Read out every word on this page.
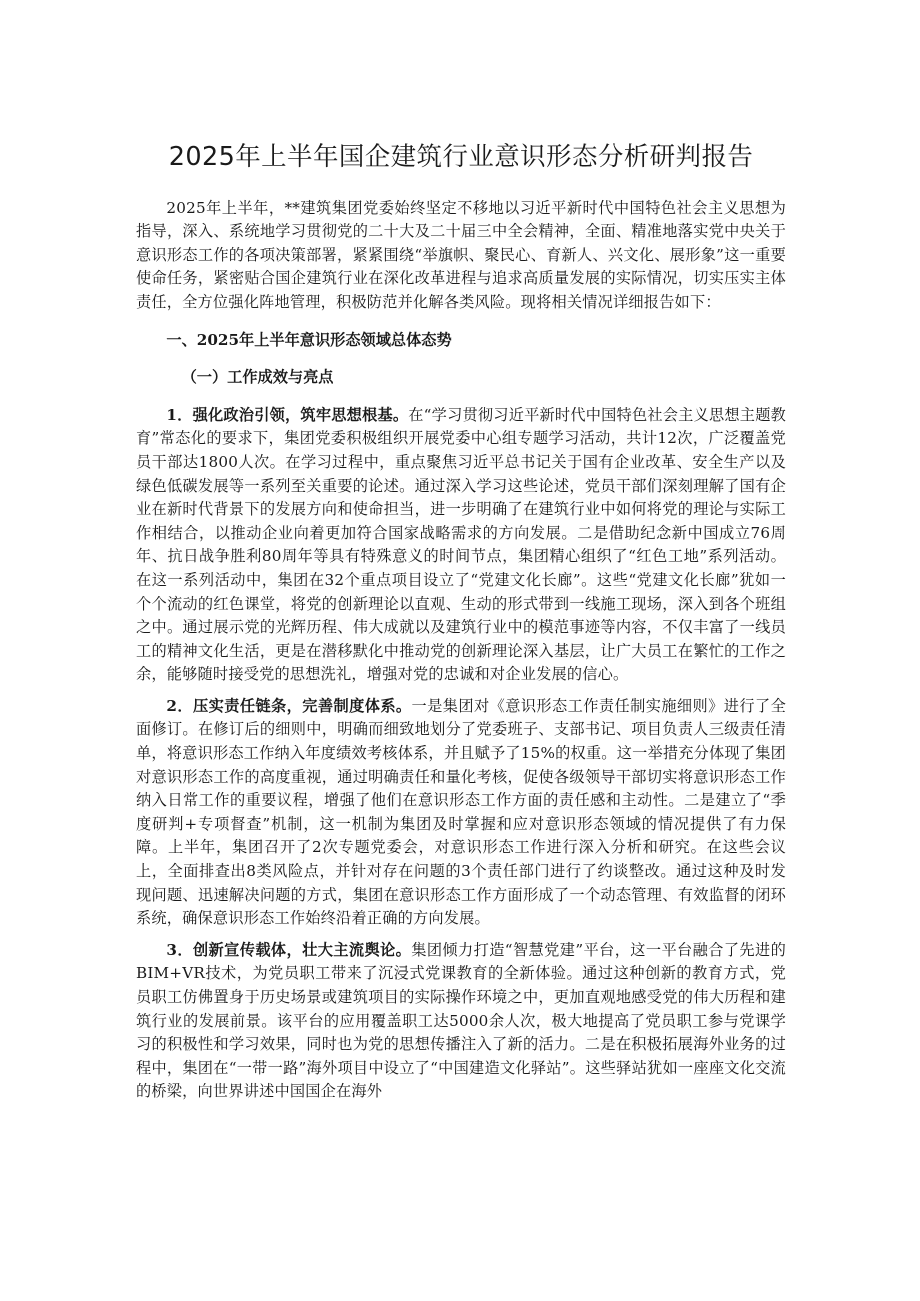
2025年上半年国企建筑行业意识形态分析研判报告

2025年上半年，**建筑集团党委始终坚定不移地以习近平新时代中国特色社会主义思想为指导，深入、系统地学习贯彻党的二十大及二十届三中全会精神，全面、精准地落实党中央关于意识形态工作的各项决策部署，紧紧围绕“举旗帜、聚民心、育新人、兴文化、展形象”这一重要使命任务，紧密贴合国企建筑行业在深化改革进程与追求高质量发展的实际情况，切实压实主体责任，全方位强化阵地管理，积极防范并化解各类风险。现将相关情况详细报告如下：

一、2025年上半年意识形态领域总体态势
（一）工作成效与亮点

1．强化政治引领，筑牢思想根基。在“学习贯彻习近平新时代中国特色社会主义思想主题教育”常态化的要求下，集团党委积极组织开展党委中心组专题学习活动，共计12次，广泛覆盖党员干部达1800人次。在学习过程中，重点聚焦习近平总书记关于国有企业改革、安全生产以及绿色低碳发展等一系列至关重要的论述。通过深入学习这些论述，党员干部们深刻理解了国有企业在新时代背景下的发展方向和使命担当，进一步明确了在建筑行业中如何将党的理论与实际工作相结合，以推动企业向着更加符合国家战略需求的方向发展。二是借助纪念新中国成立76周年、抗日战争胜利80周年等具有特殊意义的时间节点，集团精心组织了“红色工地”系列活动。在这一系列活动中，集团在32个重点项目设立了“党建文化长廊”。这些“党建文化长廊”犹如一个个流动的红色课堂，将党的创新理论以直观、生动的形式带到一线施工现场，深入到各个班组之中。通过展示党的光辉历程、伟大成就以及建筑行业中的模范事迹等内容，不仅丰富了一线员工的精神文化生活，更是在潜移默化中推动党的创新理论深入基层，让广大员工在繁忙的工作之余，能够随时接受党的思想洗礼，增强对党的忠诚和对企业发展的信心。

2．压实责任链条，完善制度体系。一是集团对《意识形态工作责任制实施细则》进行了全面修订。在修订后的细则中，明确而细致地划分了党委班子、支部书记、项目负责人三级责任清单，将意识形态工作纳入年度绩效考核体系，并且赋予了15%的权重。这一举措充分体现了集团对意识形态工作的高度重视，通过明确责任和量化考核，促使各级领导干部切实将意识形态工作纳入日常工作的重要议程，增强了他们在意识形态工作方面的责任感和主动性。二是建立了“季度研判+专项督查”机制，这一机制为集团及时掌握和应对意识形态领域的情况提供了有力保障。上半年，集团召开了2次专题党委会，对意识形态工作进行深入分析和研究。在这些会议上，全面排查出8类风险点，并针对存在问题的3个责任部门进行了约谈整改。通过这种及时发现问题、迅速解决问题的方式，集团在意识形态工作方面形成了一个动态管理、有效监督的闭环系统，确保意识形态工作始终沿着正确的方向发展。

3．创新宣传载体，壮大主流舆论。集团倾力打造“智慧党建”平台，这一平台融合了先进的BIM+VR技术，为党员职工带来了沉浸式党课教育的全新体验。通过这种创新的教育方式，党员职工仿佛置身于历史场景或建筑项目的实际操作环境之中，更加直观地感受党的伟大历程和建筑行业的发展前景。该平台的应用覆盖职工达5000余人次，极大地提高了党员职工参与党课学习的积极性和学习效果，同时也为党的思想传播注入了新的活力。二是在积极拓展海外业务的过程中，集团在“一带一路”海外项目中设立了“中国建造文化驿站”。这些驿站犹如一座座文化交流的桥梁，向世界讲述中国国企在海外
